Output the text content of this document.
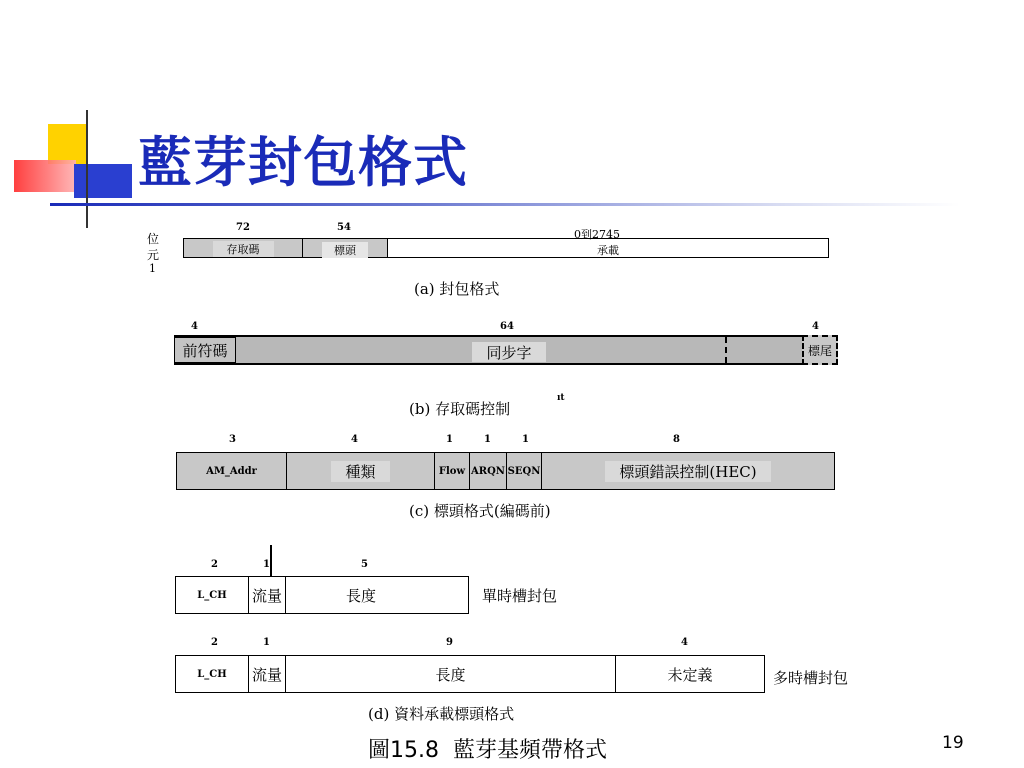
藍芽封包格式
位
元
1
72	54
0到2745
存取碼	標頭	承載
(a) 封包格式
4	64	4
前符碼	同步字	標尾
(b) 存取碼控制
ıt
3	4	1	1	1	8
AM_Addr	種類	Flow ARQN SEQN	標頭錯誤控制(HEC)
(c) 標頭格式(編碼前)
2	1	5
L_CH 流量	長度	單時槽封包
2	1	9	4
L_CH 流量	長度	未定義	多時槽封包
(d) 資料承載標頭格式
圖15.8  藍芽基頻帶格式	19
